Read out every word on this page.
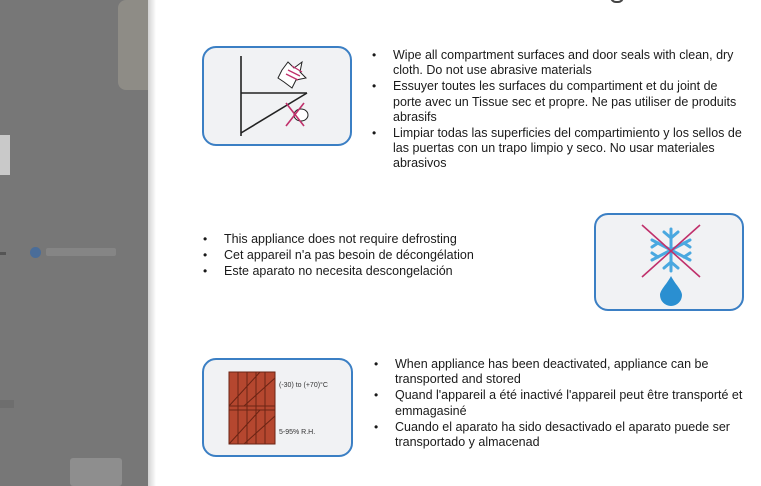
• Wipe all compartment surfaces and door seals with clean, dry cloth. Do not use abrasive materials
• Essuyer toutes les surfaces du compartiment et du joint de porte avec un Tissue sec et propre. Ne pas utiliser de produits abrasifs
• Limpiar todas las superficies del compartimiento y los sellos de las puertas con un trapo limpio y seco. No usar materiales abrasivos
• This appliance does not require defrosting
• Cet appareil n'a pas besoin de décongélation
• Este aparato no necesita descongelación
(-30) to (+70)°C
5-95% R.H.
• When appliance has been deactivated, appliance can be transported and stored
• Quand l'appareil a été inactivé l'appareil peut être transporté et emmagasiné
• Cuando el aparato ha sido desactivado el aparato puede ser transportado y almacenad
